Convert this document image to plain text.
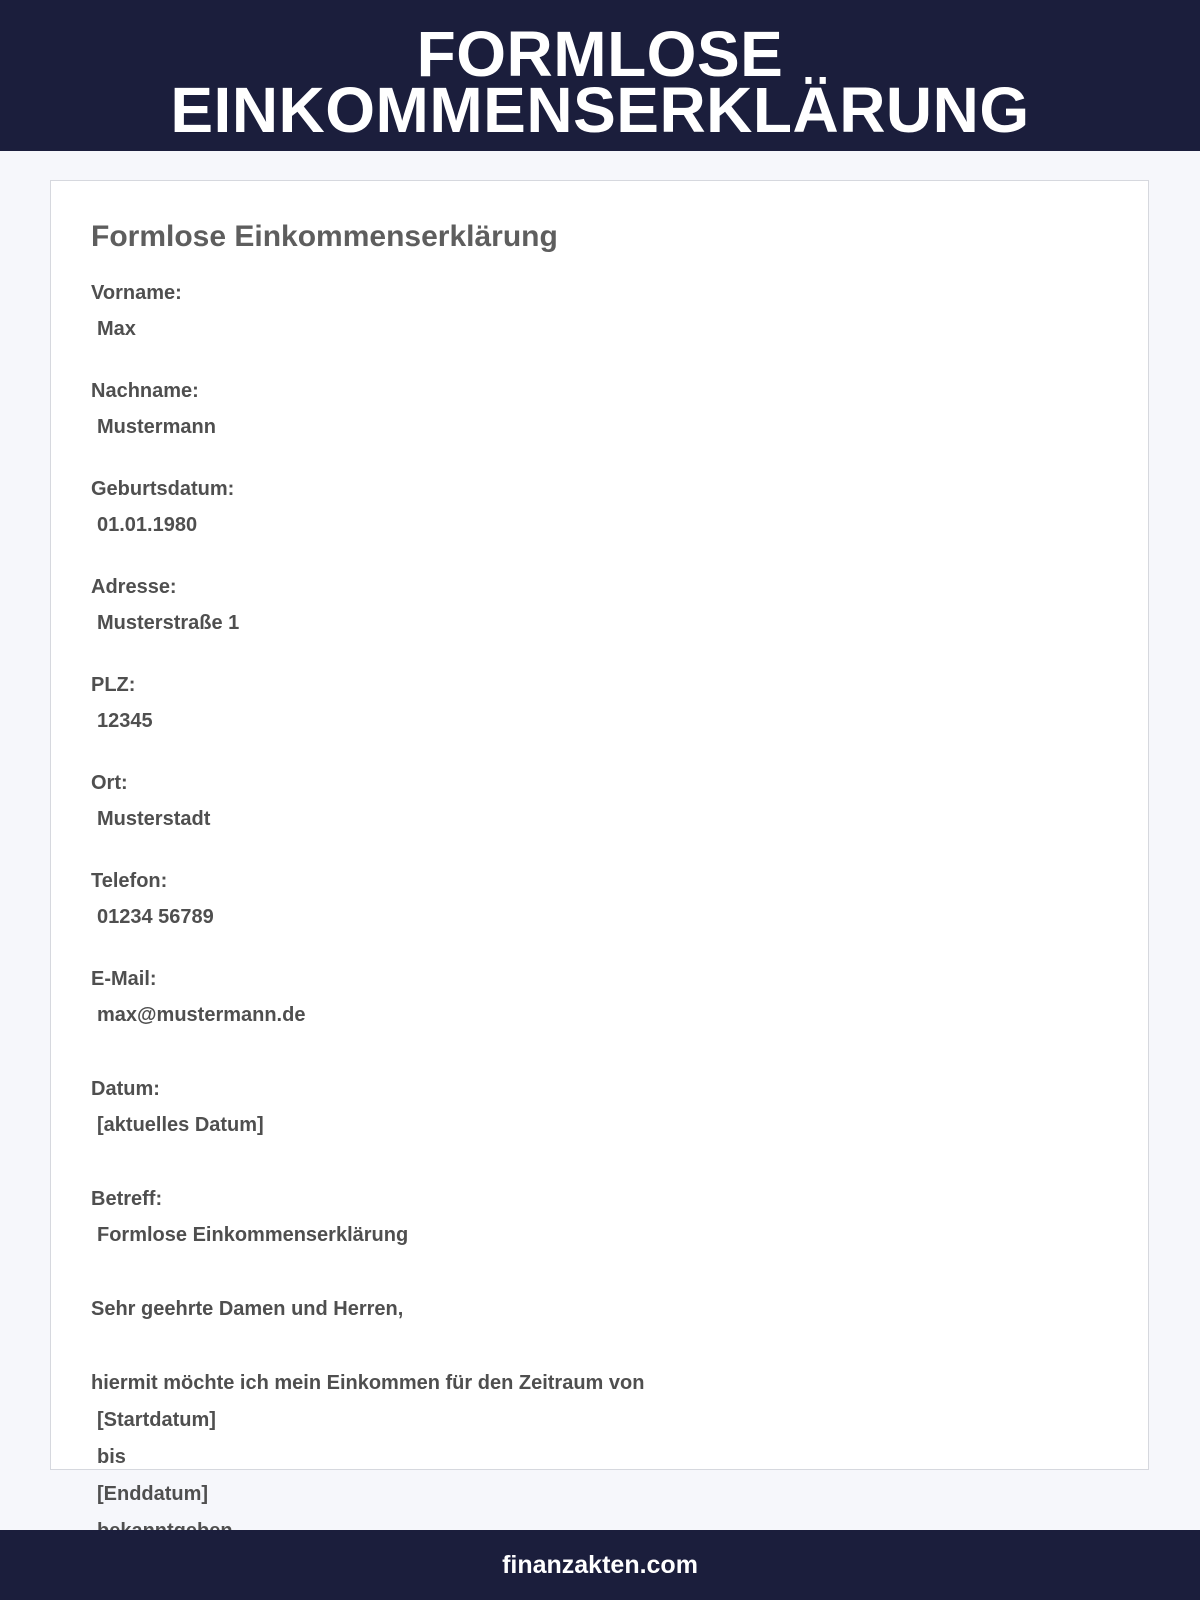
FORMLOSE
EINKOMMENSERKLÄRUNG
Formlose Einkommenserklärung
Vorname:
Max
Nachname:
Mustermann
Geburtsdatum:
01.01.1980
Adresse:
Musterstraße 1
PLZ:
12345
Ort:
Musterstadt
Telefon:
01234 56789
E-Mail:
max@mustermann.de
Datum:
[aktuelles Datum]
Betreff:
Formlose Einkommenserklärung
Sehr geehrte Damen und Herren,
hiermit möchte ich mein Einkommen für den Zeitraum von
[Startdatum]
bis
[Enddatum]
finanzakten.com
